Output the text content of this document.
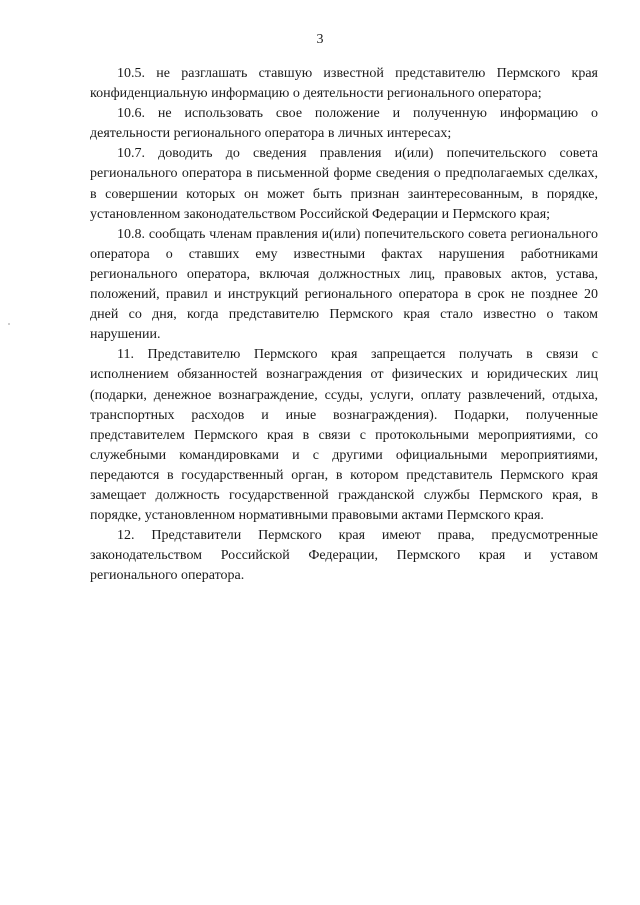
3

10.5. не разглашать ставшую известной представителю Пермского края конфиденциальную информацию о деятельности регионального оператора;

10.6. не использовать свое положение и полученную информацию о деятельности регионального оператора в личных интересах;

10.7. доводить до сведения правления и(или) попечительского совета регионального оператора в письменной форме сведения о предполагаемых сделках, в совершении которых он может быть признан заинтересованным, в порядке, установленном законодательством Российской Федерации и Пермского края;

10.8. сообщать членам правления и(или) попечительского совета регионального оператора о ставших ему известными фактах нарушения работниками регионального оператора, включая должностных лиц, правовых актов, устава, положений, правил и инструкций регионального оператора в срок не позднее 20 дней со дня, когда представителю Пермского края стало известно о таком нарушении.

11. Представителю Пермского края запрещается получать в связи с исполнением обязанностей вознаграждения от физических и юридических лиц (подарки, денежное вознаграждение, ссуды, услуги, оплату развлечений, отдыха, транспортных расходов и иные вознаграждения). Подарки, полученные представителем Пермского края в связи с протокольными мероприятиями, со служебными командировками и с другими официальными мероприятиями, передаются в государственный орган, в котором представитель Пермского края замещает должность государственной гражданской службы Пермского края, в порядке, установленном нормативными правовыми актами Пермского края.

12. Представители Пермского края имеют права, предусмотренные законодательством Российской Федерации, Пермского края и уставом регионального оператора.
